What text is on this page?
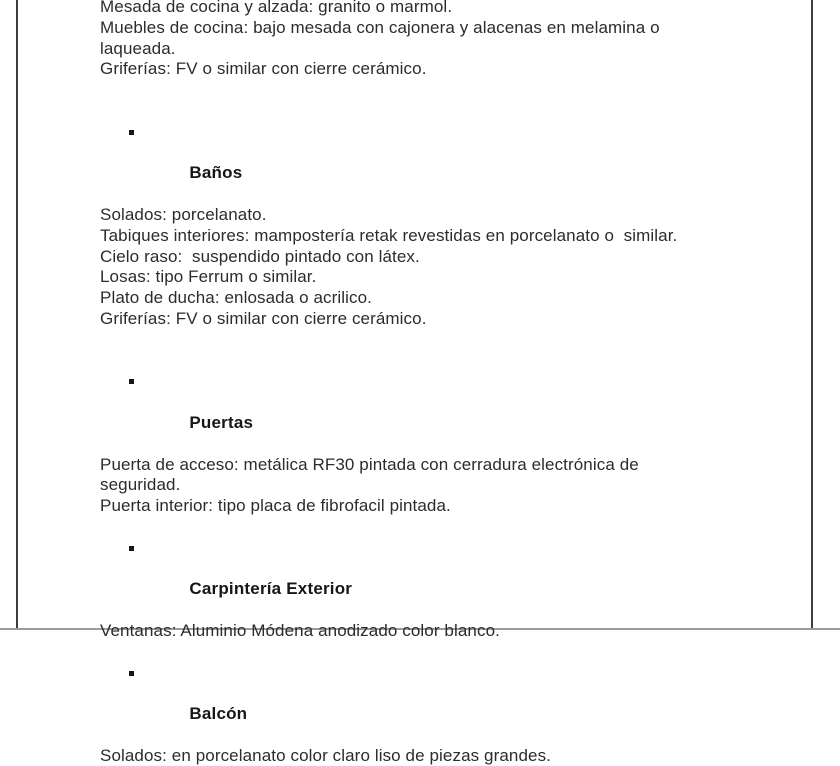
Mesada de cocina y alzada: granito o marmol.

Muebles de cocina: bajo mesada con cajonera y alacenas en melamina o

laqueada.

Griferías: FV o similar con cierre cerámico.

Baños

Solados: porcelanato.

Tabiques interiores: mampostería retak revestidas en porcelanato o  similar.

Cielo raso:  suspendido pintado con látex.

Losas: tipo Ferrum o similar.

Plato de ducha: enlosada o acrilico.

Griferías: FV o similar con cierre cerámico.

Puertas

Puerta de acceso: metálica RF30 pintada con cerradura electrónica de

seguridad.

Puerta interior: tipo placa de fibrofacil pintada.

Carpintería Exterior

Ventanas: Aluminio Módena anodizado color blanco.

Balcón

Solados: en porcelanato color claro liso de piezas grandes.
